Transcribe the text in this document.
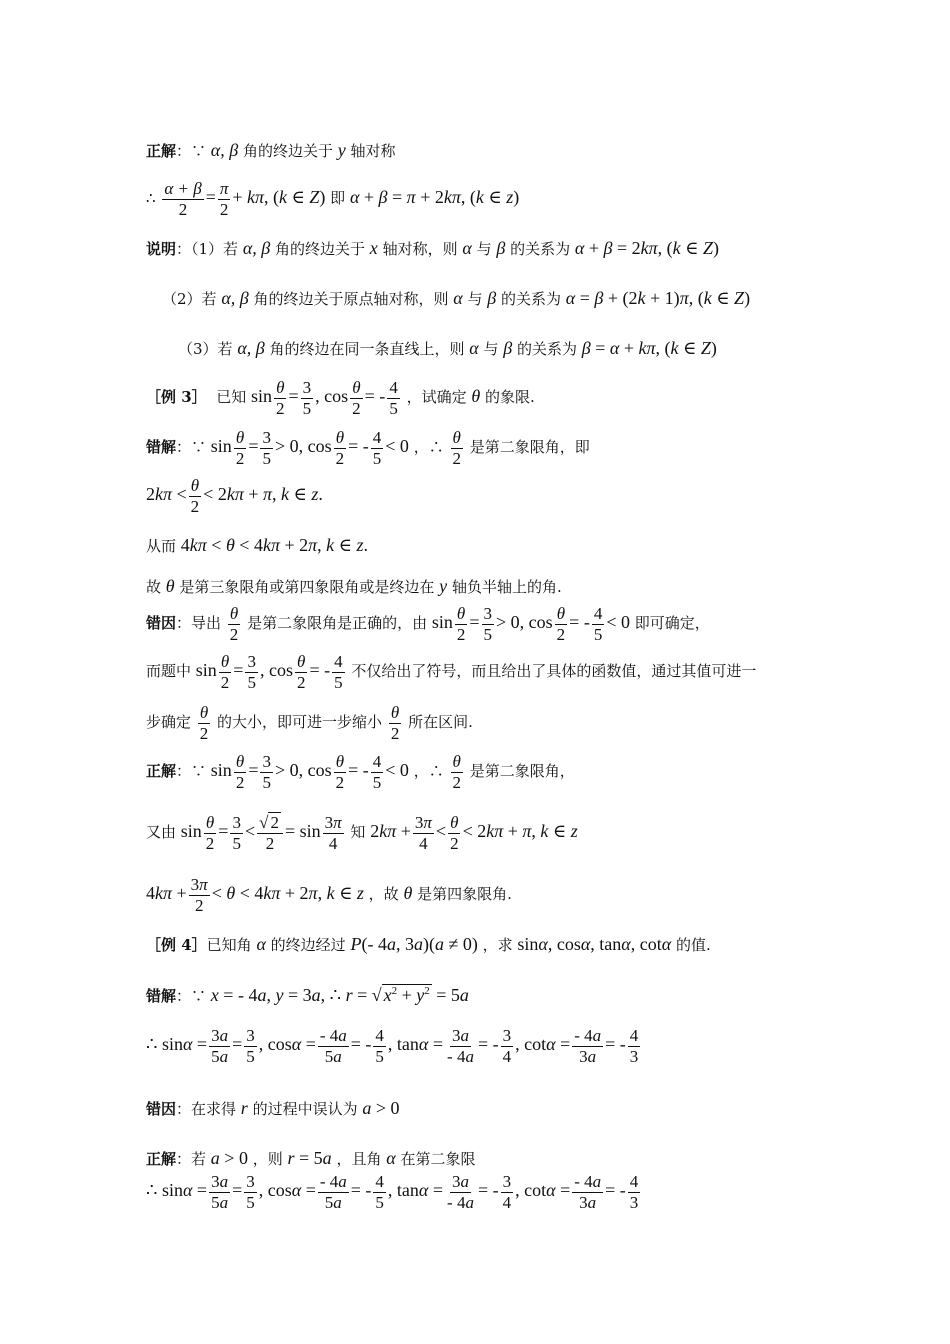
正解：∵ α, β 角的终边关于 y 轴对称
∴ $\frac{\alpha + \beta}{2} = \frac{\pi}{2} + k\pi$, (k ∈ Z) 即 α + β = π + 2kπ, (k ∈ z)
说明：（1）若 α, β 角的终边关于 x 轴对称，则 α 与 β 的关系为 α + β = 2kπ, (k ∈ Z)
（2）若 α, β 角的终边关于原点轴对称，则 α 与 β 的关系为 α = β + (2k + 1)π, (k ∈ Z)
（3）若 α, β 角的终边在同一条直线上，则 α 与 β 的关系为 β = α + kπ, (k ∈ Z)
［例 3］  已知 $\sin \frac{\theta}{2} = \frac{3}{5}$ , $\cos \frac{\theta}{2}$ = - $\frac{4}{5}$ ，试确定 θ 的象限.
错解：∵ $\sin \frac{\theta}{2} = \frac{3}{5} > 0$, $\cos \frac{\theta}{2}$ = - $\frac{4}{5} < 0$ ，∴ $\frac{\theta}{2}$ 是第二象限角，即
$2k\pi < \frac{\theta}{2} < 2k\pi + \pi$, k ∈ z.
从而 4kπ < θ < 4kπ + 2π, k ∈ z.
故 θ 是第三象限角或第四象限角或是终边在 y 轴负半轴上的角.
错因：导出 $\frac{\theta}{2}$ 是第二象限角是正确的，由 $\sin \frac{\theta}{2} = \frac{3}{5} > 0$, $\cos \frac{\theta}{2}$ = - $\frac{4}{5} < 0$ 即可确定，
而题中 $\sin \frac{\theta}{2} = \frac{3}{5}$ , $\cos \frac{\theta}{2}$ = - $\frac{4}{5}$ 不仅给出了符号，而且给出了具体的函数值，通过其值可进一
步确定 $\frac{\theta}{2}$ 的大小，即可进一步缩小 $\frac{\theta}{2}$ 所在区间.
正解：∵ $\sin \frac{\theta}{2} = \frac{3}{5} > 0$, $\cos \frac{\theta}{2}$ = - $\frac{4}{5} < 0$ ，∴ $\frac{\theta}{2}$ 是第二象限角，
又由 $\sin \frac{\theta}{2} = \frac{3}{5} < \frac{√ 2}{2} = \sin \frac{3\pi}{4}$ 知 $2k\pi + \frac{3\pi}{4} < \frac{\theta}{2} < 2k\pi + \pi$, k ∈ z
$4k\pi + \frac{3\pi}{2} < \theta < 4k\pi + 2\pi$, k ∈ z ，故 θ 是第四象限角.
［例 4］已知角 α 的终边经过 P(- 4a, 3a)(a ≠ 0) ，求 sinα, cosα, tanα, cotα 的值.
错解：∵ x = - 4a, y = 3a, ∴ r = √ $x^2 + y^2 = 5a$
∴ $\sin\alpha = \frac{3a}{5a} = \frac{3}{5}$ , $\cos\alpha = \frac{- 4a}{5a}$ = - $\frac{4}{5}$ , $\tan\alpha = \frac{3a}{- 4a}$ = - $\frac{3}{4}$ , $\cot\alpha = \frac{- 4a}{3a}$ = - $\frac{4}{3}$
错因：在求得 r 的过程中误认为 a > 0
正解：若 a > 0 ，则 r = 5a ，且角 α 在第二象限
∴ $\sin\alpha = \frac{3a}{5a} = \frac{3}{5}$ , $\cos\alpha = \frac{- 4a}{5a}$ = - $\frac{4}{5}$ , $\tan\alpha = \frac{3a}{- 4a}$ = - $\frac{3}{4}$ , $\cot\alpha = \frac{- 4a}{3a}$ = - $\frac{4}{3}$
